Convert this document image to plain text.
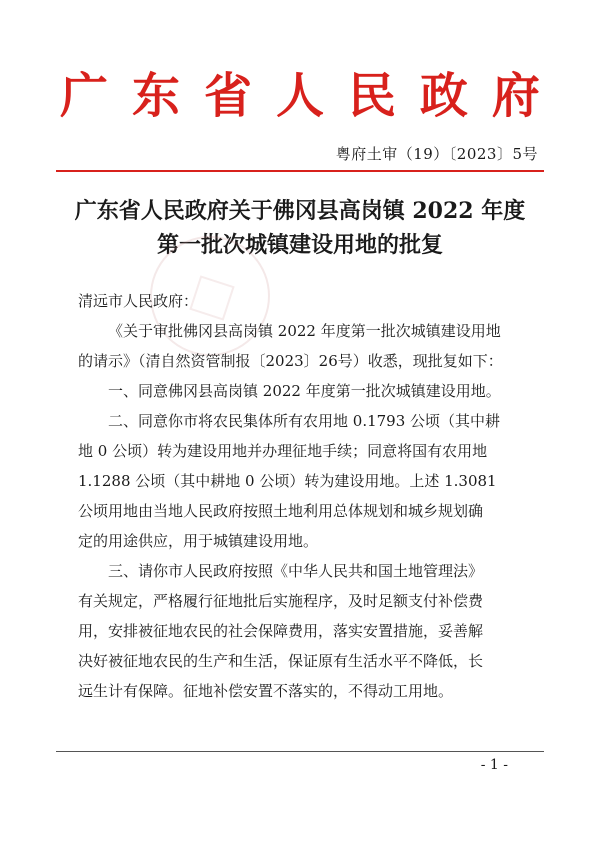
广 东 省 人 民 政 府
粤府土审（19）〔2023〕5号
广东省人民政府关于佛冈县高岗镇 2022 年度
第一批次城镇建设用地的批复

清远市人民政府：

《关于审批佛冈县高岗镇 2022 年度第一批次城镇建设用地

的请示》（清自然资管制报〔2023〕26号）收悉，现批复如下：

一、同意佛冈县高岗镇 2022 年度第一批次城镇建设用地。

二、同意你市将农民集体所有农用地 0.1793 公顷（其中耕

地 0 公顷）转为建设用地并办理征地手续；同意将国有农用地

1.1288 公顷（其中耕地 0 公顷）转为建设用地。上述 1.3081

公顷用地由当地人民政府按照土地利用总体规划和城乡规划确

定的用途供应，用于城镇建设用地。

三、请你市人民政府按照《中华人民共和国土地管理法》

有关规定，严格履行征地批后实施程序，及时足额支付补偿费

用，安排被征地农民的社会保障费用，落实安置措施，妥善解

决好被征地农民的生产和生活，保证原有生活水平不降低，长

远生计有保障。征地补偿安置不落实的，不得动工用地。

- 1 -
